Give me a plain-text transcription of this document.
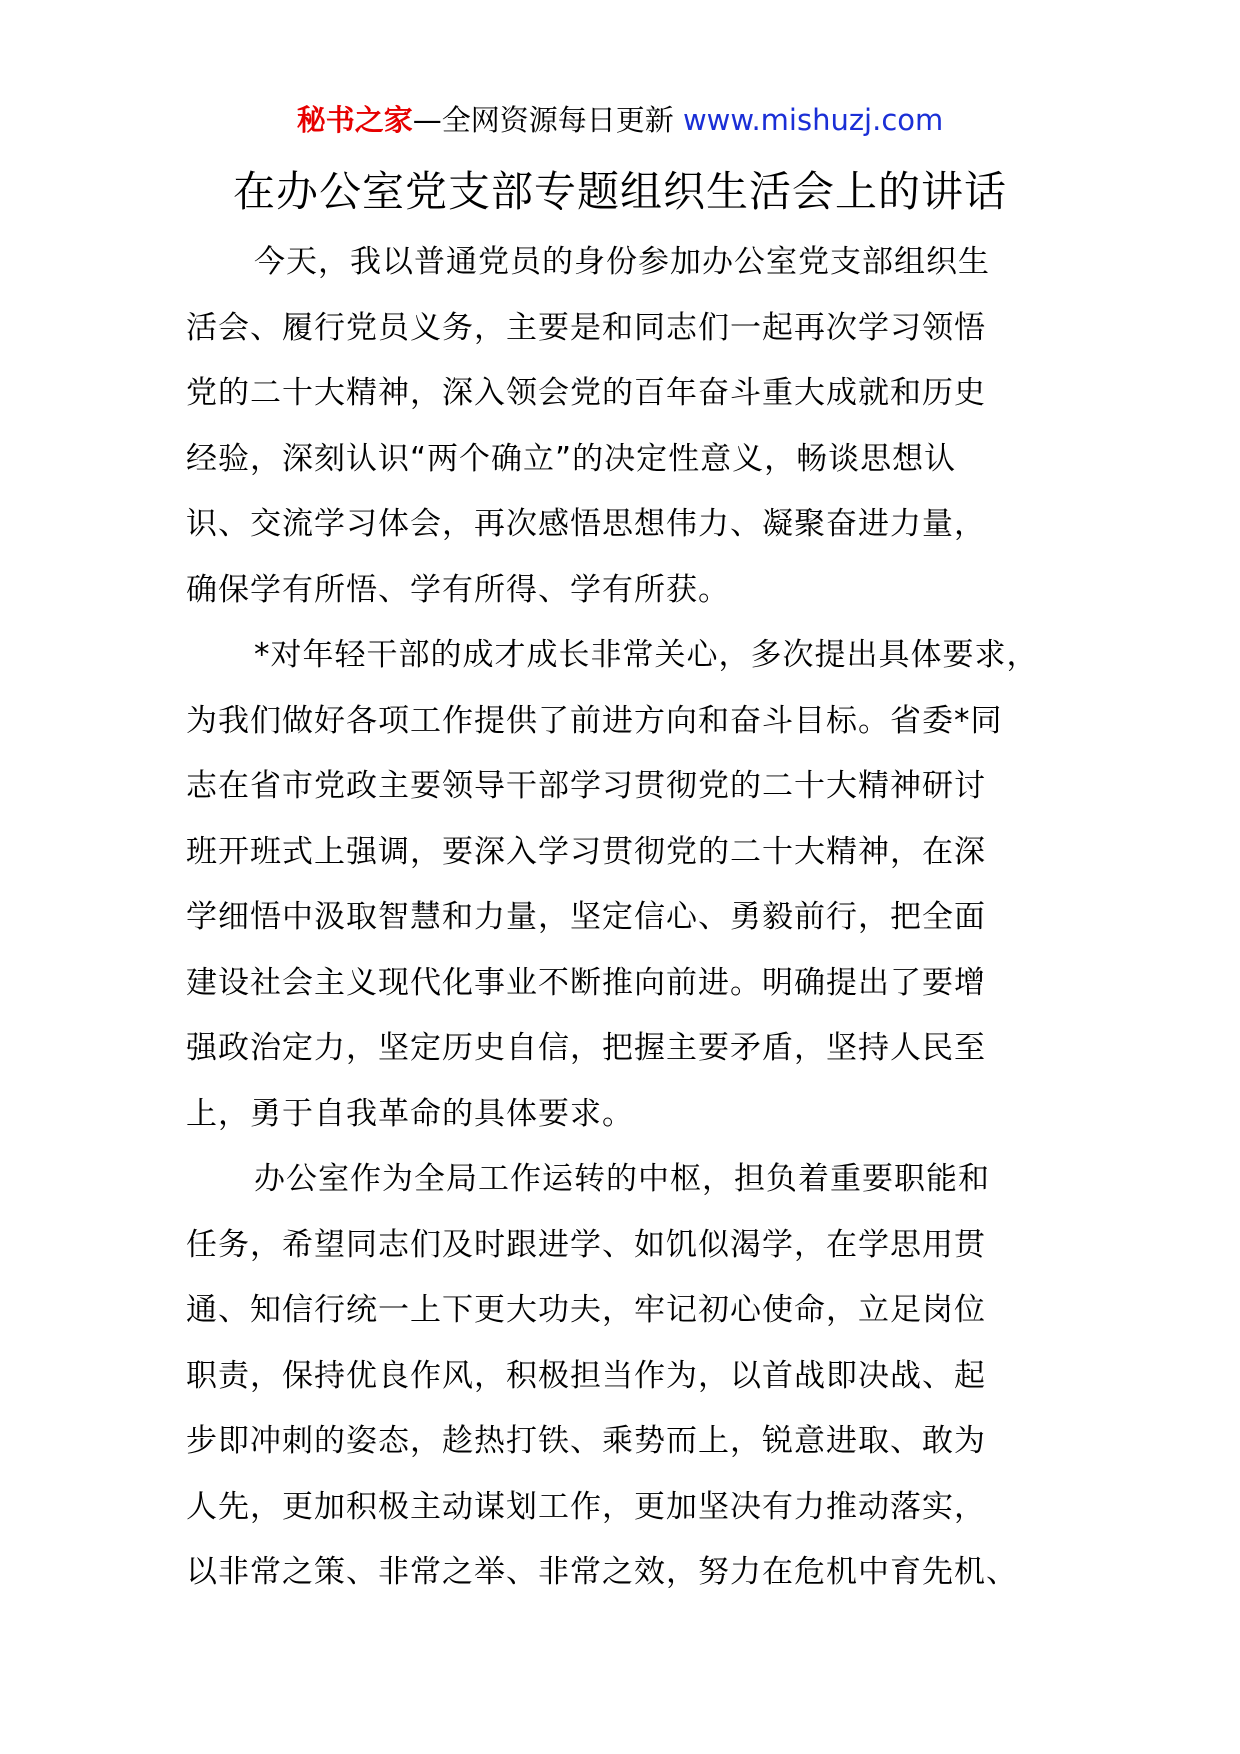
秘书之家—全网资源每日更新 www.mishuzj.com
在办公室党支部专题组织生活会上的讲话
今天，我以普通党员的身份参加办公室党支部组织生
活会、履行党员义务，主要是和同志们一起再次学习领悟
党的二十大精神，深入领会党的百年奋斗重大成就和历史
经验，深刻认识“两个确立”的决定性意义，畅谈思想认
识、交流学习体会，再次感悟思想伟力、凝聚奋进力量，
确保学有所悟、学有所得、学有所获。
*对年轻干部的成才成长非常关心，多次提出具体要求，
为我们做好各项工作提供了前进方向和奋斗目标。省委*同
志在省市党政主要领导干部学习贯彻党的二十大精神研讨
班开班式上强调，要深入学习贯彻党的二十大精神，在深
学细悟中汲取智慧和力量，坚定信心、勇毅前行，把全面
建设社会主义现代化事业不断推向前进。明确提出了要增
强政治定力，坚定历史自信，把握主要矛盾，坚持人民至
上，勇于自我革命的具体要求。
办公室作为全局工作运转的中枢，担负着重要职能和
任务，希望同志们及时跟进学、如饥似渴学，在学思用贯
通、知信行统一上下更大功夫，牢记初心使命，立足岗位
职责，保持优良作风，积极担当作为，以首战即决战、起
步即冲刺的姿态，趁热打铁、乘势而上，锐意进取、敢为
人先，更加积极主动谋划工作，更加坚决有力推动落实，
以非常之策、非常之举、非常之效，努力在危机中育先机、
